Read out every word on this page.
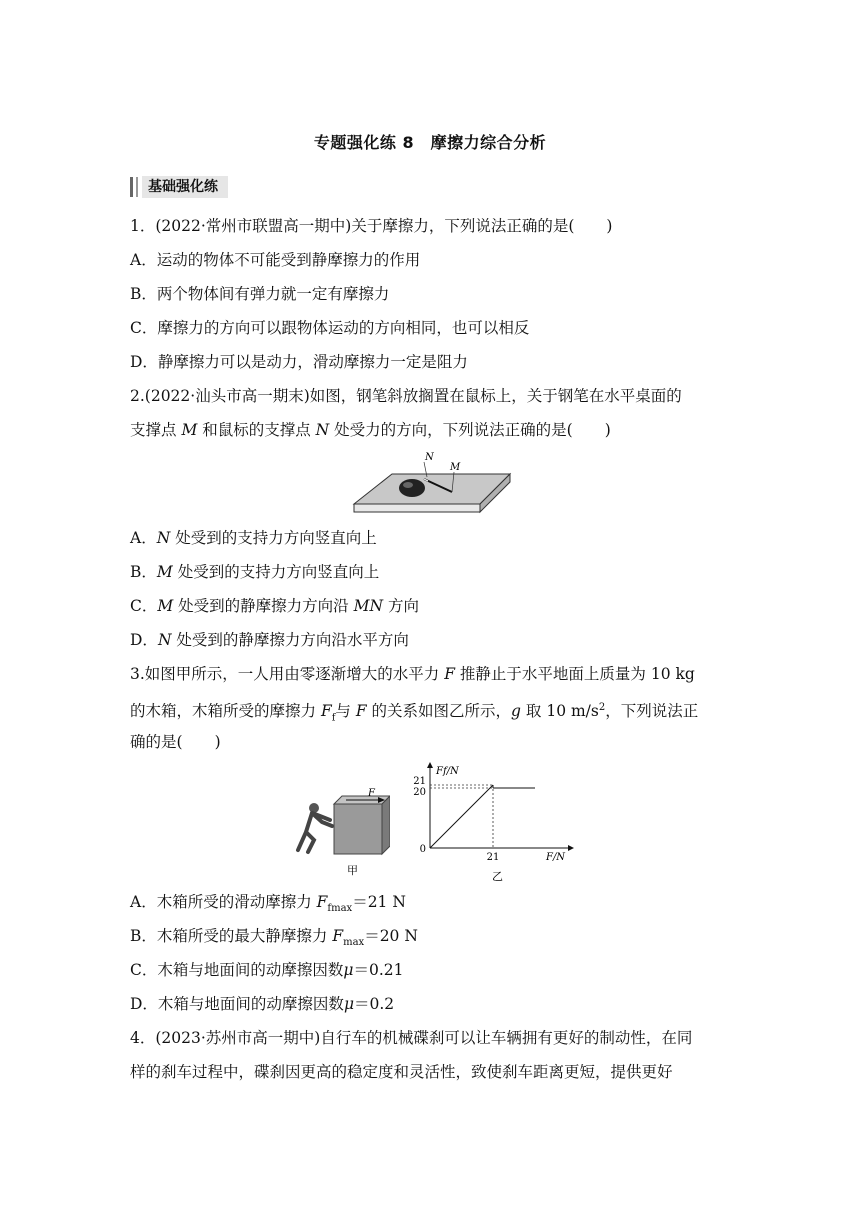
专题强化练 8　摩擦力综合分析
基础强化练
1．(2022·常州市联盟高一期中)关于摩擦力，下列说法正确的是( )
A．运动的物体不可能受到静摩擦力的作用
B．两个物体间有弹力就一定有摩擦力
C．摩擦力的方向可以跟物体运动的方向相同，也可以相反
D．静摩擦力可以是动力，滑动摩擦力一定是阻力
2.(2022·汕头市高一期末)如图，钢笔斜放搁置在鼠标上，关于钢笔在水平桌面的
支撑点 M 和鼠标的支撑点 N 处受力的方向，下列说法正确的是( )
N
M
A．N 处受到的支持力方向竖直向上
B．M 处受到的支持力方向竖直向上
C．M 处受到的静摩擦力方向沿 MN 方向
D．N 处受到的静摩擦力方向沿水平方向
3.如图甲所示，一人用由零逐渐增大的水平力 F 推静止于水平地面上质量为 10 kg
的木箱，木箱所受的摩擦力 $F_f$与 F 的关系如图乙所示，g 取 10 $m/s^2$，下列说法正
确的是( )
F
甲
Ff/N
F/N
21
20
0
21
乙
A．木箱所受的滑动摩擦力 $F_{fmax}=21$ N
B．木箱所受的最大静摩擦力 $F_{max}=20$ N
C．木箱与地面间的动摩擦因数μ＝0.21
D．木箱与地面间的动摩擦因数μ＝0.2
4．(2023·苏州市高一期中)自行车的机械碟刹可以让车辆拥有更好的制动性，在同
样的刹车过程中，碟刹因更高的稳定度和灵活性，致使刹车距离更短，提供更好
